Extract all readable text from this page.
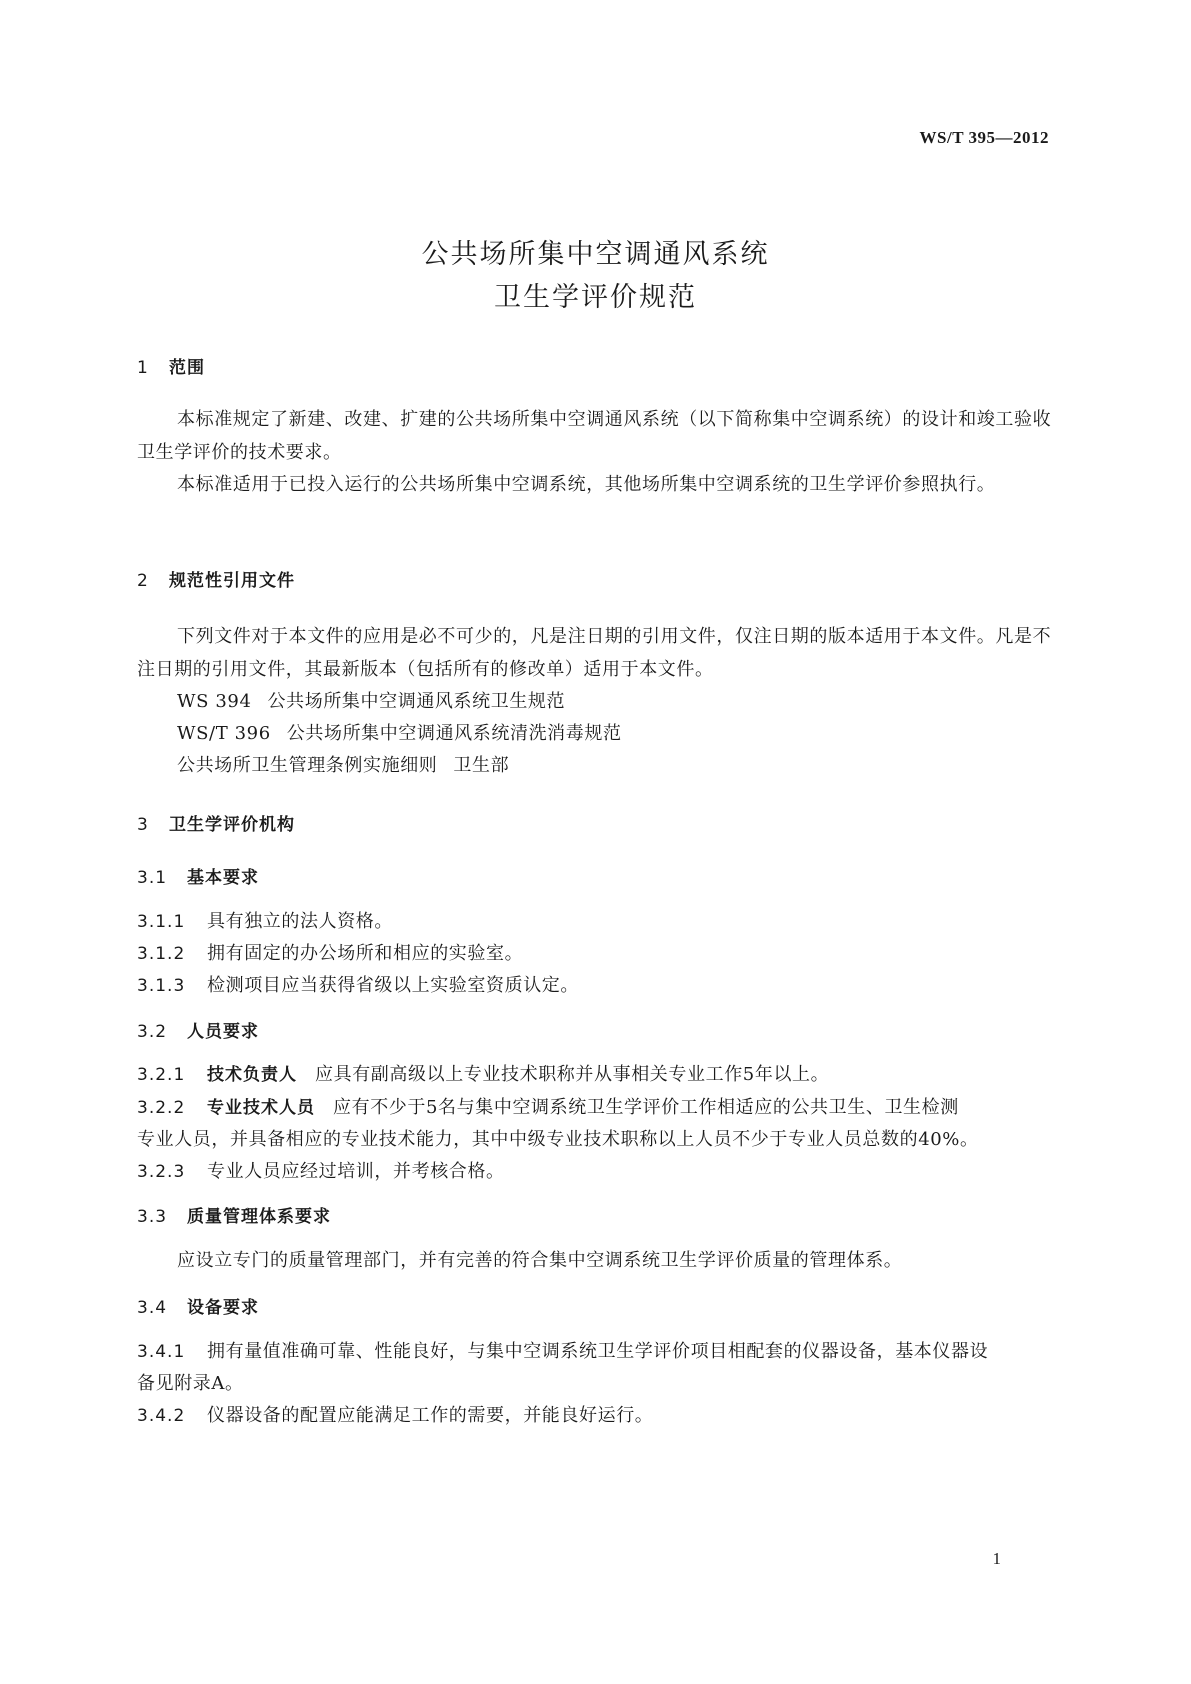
WS/T 395—2012
公共场所集中空调通风系统
卫生学评价规范
1 范围
本标准规定了新建、改建、扩建的公共场所集中空调通风系统（以下简称集中空调系统）的设计和竣工验收卫生学评价的技术要求。
本标准适用于已投入运行的公共场所集中空调系统，其他场所集中空调系统的卫生学评价参照执行。
2 规范性引用文件
下列文件对于本文件的应用是必不可少的，凡是注日期的引用文件，仅注日期的版本适用于本文件。凡是不注日期的引用文件，其最新版本（包括所有的修改单）适用于本文件。
WS 394 公共场所集中空调通风系统卫生规范
WS/T 396 公共场所集中空调通风系统清洗消毒规范
公共场所卫生管理条例实施细则 卫生部
3 卫生学评价机构
3.1 基本要求
3.1.1 具有独立的法人资格。
3.1.2 拥有固定的办公场所和相应的实验室。
3.1.3 检测项目应当获得省级以上实验室资质认定。
3.2 人员要求
3.2.1 技术负责人 应具有副高级以上专业技术职称并从事相关专业工作5年以上。
3.2.2 专业技术人员 应有不少于5名与集中空调系统卫生学评价工作相适应的公共卫生、卫生检测
专业人员，并具备相应的专业技术能力，其中中级专业技术职称以上人员不少于专业人员总数的40%。
3.2.3 专业人员应经过培训，并考核合格。
3.3 质量管理体系要求
应设立专门的质量管理部门，并有完善的符合集中空调系统卫生学评价质量的管理体系。
3.4 设备要求
3.4.1 拥有量值准确可靠、性能良好，与集中空调系统卫生学评价项目相配套的仪器设备，基本仪器设
备见附录A。
3.4.2 仪器设备的配置应能满足工作的需要，并能良好运行。
1
